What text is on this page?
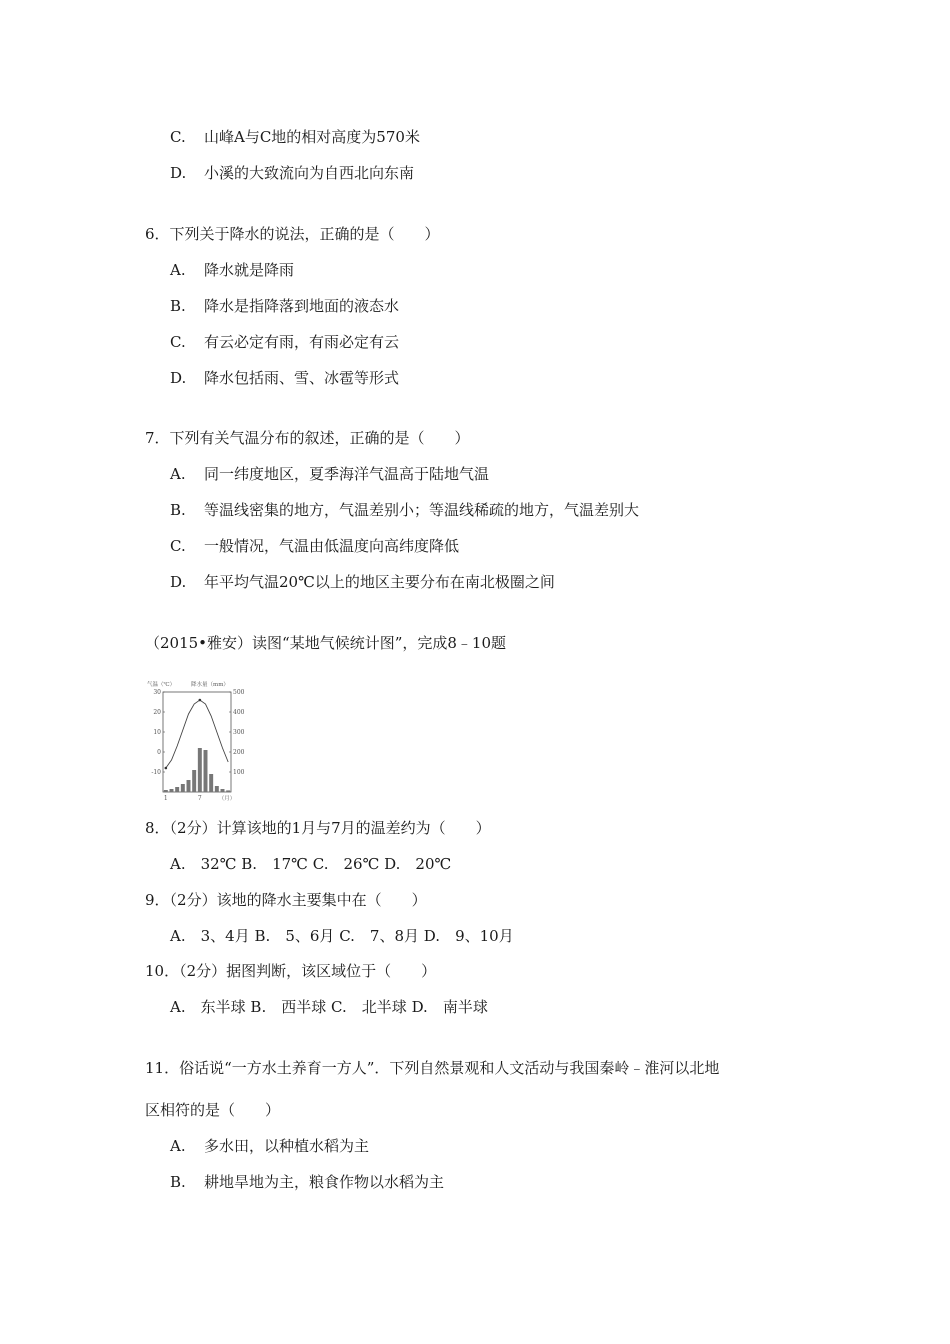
C. 山峰A与C地的相对高度为570米
D. 小溪的大致流向为自西北向东南
6．下列关于降水的说法，正确的是（　　）
A. 降水就是降雨
B. 降水是指降落到地面的液态水
C. 有云必定有雨，有雨必定有云
D. 降水包括雨、雪、冰雹等形式
7．下列有关气温分布的叙述，正确的是（　　）
A. 同一纬度地区，夏季海洋气温高于陆地气温
B. 等温线密集的地方，气温差别小；等温线稀疏的地方，气温差别大
C. 一般情况，气温由低温度向高纬度降低
D. 年平均气温20℃以上的地区主要分布在南北极圈之间
（2015•雅安）读图“某地气候统计图”，完成8﹣10题
气温（℃）	降水量（mm）
30
20
10
0
-10
500
400
300
200
100
1	7	（月）
8．（2分）计算该地的1月与7月的温差约为（　　）
A.　 32℃ B.　 17℃ C.　 26℃ D.　 20℃
9．（2分）该地的降水主要集中在（　　）
A.　 3、4月 B.　 5、6月 C.　 7、8月 D.　 9、10月
10．（2分）据图判断，该区域位于（　　）
A.　 东半球 B.　 西半球 C.　 北半球 D.　 南半球
11．俗话说“一方水土养育一方人”．下列自然景观和人文活动与我国秦岭﹣淮河以北地
区相符的是（　　）
A. 多水田，以种植水稻为主
B. 耕地旱地为主，粮食作物以水稻为主
